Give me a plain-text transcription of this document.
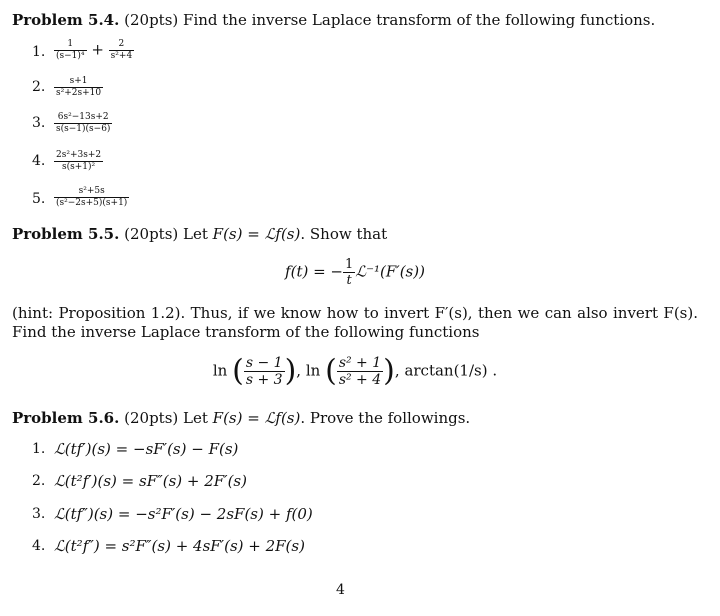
Problem 5.4. (20pts) Find the inverse Laplace transform of the following functions.
1. $\frac{1}{\text{(s−1)⁴}} + \frac{2}{\text{s²+4}}$
2. $\frac{s+1}{\text{s²+2s+10}}$
3. $\frac{\text{6s²−13s+2}}{s(s-1)(s-6)}$
4. $\frac{\text{2s²+3s+2}}{\text{s(s+1)²}}$
5. $\frac{\text{s²+5s}}{\text{(s²−2s+5)(s+1)}}$
Problem 5.5. (20pts) Let F(s) = ℒf(s). Show that
f(t) = − $\frac{1}{t}$ ℒ⁻¹(F′(s))
(hint: Proposition 1.2). Thus, if we know how to invert F′(s), then we can also invert F(s). Find the inverse Laplace transform of the following functions
ln ( $\frac{s - 1}{s + 3}$ ), ln ( $\frac{\text{s² + 1}}{\text{s² + 4}}$ ), arctan(1/s) .
Problem 5.6. (20pts) Let F(s) = ℒf(s). Prove the followings.
1. ℒ(tf′)(s) = −sF′(s) − F(s)
2. ℒ(t²f′)(s) = sF″(s) + 2F′(s)
3. ℒ(tf″)(s) = −s²F′(s) − 2sF(s) + f(0)
4. ℒ(t²f″) = s²F″(s) + 4sF′(s) + 2F(s)
4
